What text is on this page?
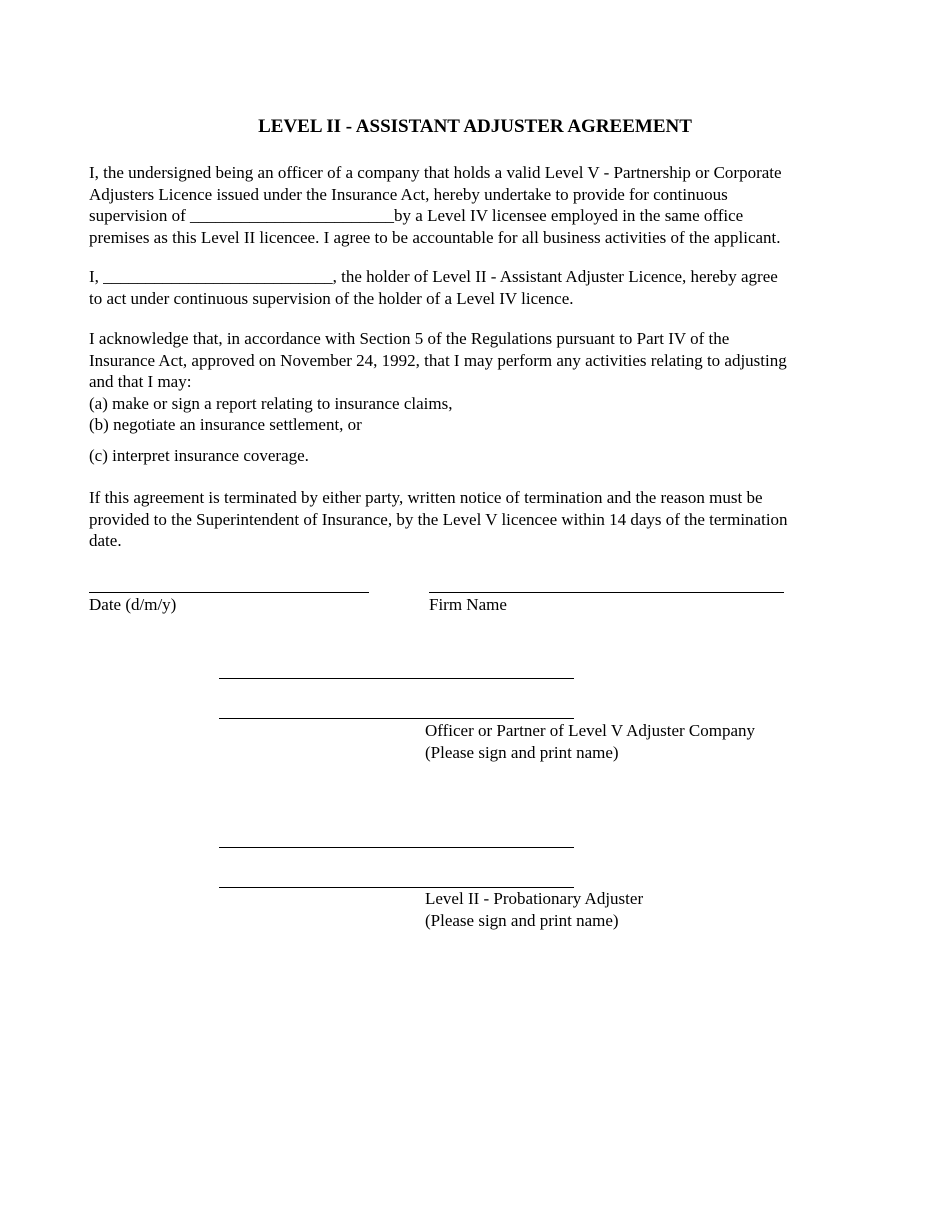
LEVEL II - ASSISTANT ADJUSTER AGREEMENT

I, the undersigned being an officer of a company that holds a valid Level V - Partnership or Corporate
Adjusters Licence issued under the Insurance Act, hereby undertake to provide for continuous
supervision of ________________________by a Level IV licensee employed in the same office
premises as this Level II licencee. I agree to be accountable for all business activities of the applicant.

I, ___________________________, the holder of Level II - Assistant Adjuster Licence, hereby agree
to act under continuous supervision of the holder of a Level IV licence.

I acknowledge that, in accordance with Section 5 of the Regulations pursuant to Part IV of the
Insurance Act, approved on November 24, 1992, that I may perform any activities relating to adjusting
and that I may:
(a) make or sign a report relating to insurance claims,
(b) negotiate an insurance settlement, or

(c) interpret insurance coverage.

If this agreement is terminated by either party, written notice of termination and the reason must be
provided to the Superintendent of Insurance, by the Level V licencee within 14 days of the termination
date.

Date (d/m/y)	Firm Name
Officer or Partner of Level V Adjuster Company
(Please sign and print name)
Level II - Probationary Adjuster
(Please sign and print name)
